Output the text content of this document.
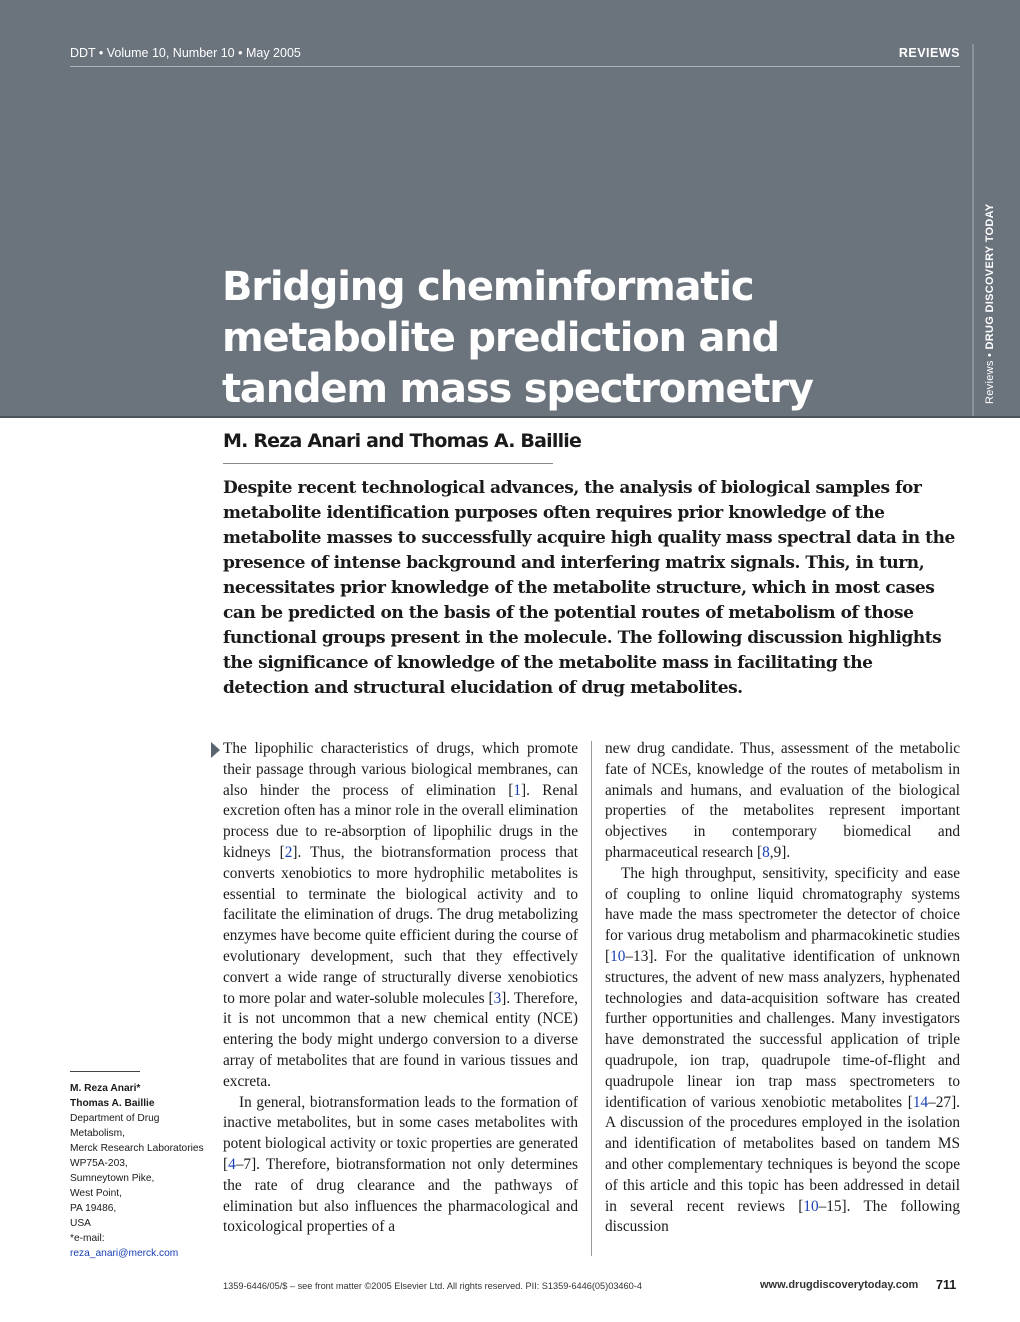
DDT • Volume 10, Number 10 • May 2005	REVIEWS
Reviews • DRUG DISCOVERY TODAY
Bridging cheminformatic metabolite prediction and tandem mass spectrometry
M. Reza Anari and Thomas A. Baillie
Despite recent technological advances, the analysis of biological samples for metabolite identification purposes often requires prior knowledge of the metabolite masses to successfully acquire high quality mass spectral data in the presence of intense background and interfering matrix signals. This, in turn, necessitates prior knowledge of the metabolite structure, which in most cases can be predicted on the basis of the potential routes of metabolism of those functional groups present in the molecule. The following discussion highlights the significance of knowledge of the metabolite mass in facilitating the detection and structural elucidation of drug metabolites.

The lipophilic characteristics of drugs, which promote their passage through various biological membranes, can also hinder the process of elimination [1]. Renal excretion often has a minor role in the overall elimination process due to re-absorption of lipophilic drugs in the kidneys [2]. Thus, the biotransformation process that converts xenobiotics to more hydrophilic metabolites is essential to terminate the biological activity and to facilitate the elimination of drugs. The drug metabolizing enzymes have become quite efficient during the course of evolutionary development, such that they effectively convert a wide range of structurally diverse xenobiotics to more polar and water-soluble molecules [3]. Therefore, it is not uncommon that a new chemical entity (NCE) entering the body might undergo conversion to a diverse array of metabolites that are found in various tissues and excreta.

In general, biotransformation leads to the formation of inactive metabolites, but in some cases metabolites with potent biological activity or toxic properties are generated [4–7]. Therefore, biotransformation not only determines the rate of drug clearance and the pathways of elimination but also influences the pharmacological and toxicological properties of a

new drug candidate. Thus, assessment of the metabolic fate of NCEs, knowledge of the routes of metabolism in animals and humans, and evaluation of the biological properties of the metabolites represent important objectives in contemporary biomedical and pharmaceutical research [8,9].

The high throughput, sensitivity, specificity and ease of coupling to online liquid chromatography systems have made the mass spectrometer the detector of choice for various drug metabolism and pharmacokinetic studies [10–13]. For the qualitative identification of unknown structures, the advent of new mass analyzers, hyphenated technologies and data-acquisition software has created further opportunities and challenges. Many investigators have demonstrated the successful application of triple quadrupole, ion trap, quadrupole time-of-flight and quadrupole linear ion trap mass spectrometers to identification of various xenobiotic metabolites [14–27]. A discussion of the procedures employed in the isolation and identification of metabolites based on tandem MS and other complementary techniques is beyond the scope of this article and this topic has been addressed in detail in several recent reviews [10–15]. The following discussion

M. Reza Anari*
Thomas A. Baillie
Department of Drug
Metabolism,
Merck Research Laboratories
WP75A-203,
Sumneytown Pike,
West Point,
PA 19486,
USA
*e-mail:
reza_anari@merck.com
1359-6446/05/$ – see front matter ©2005 Elsevier Ltd. All rights reserved. PII: S1359-6446(05)03460-4	www.drugdiscoverytoday.com 711
